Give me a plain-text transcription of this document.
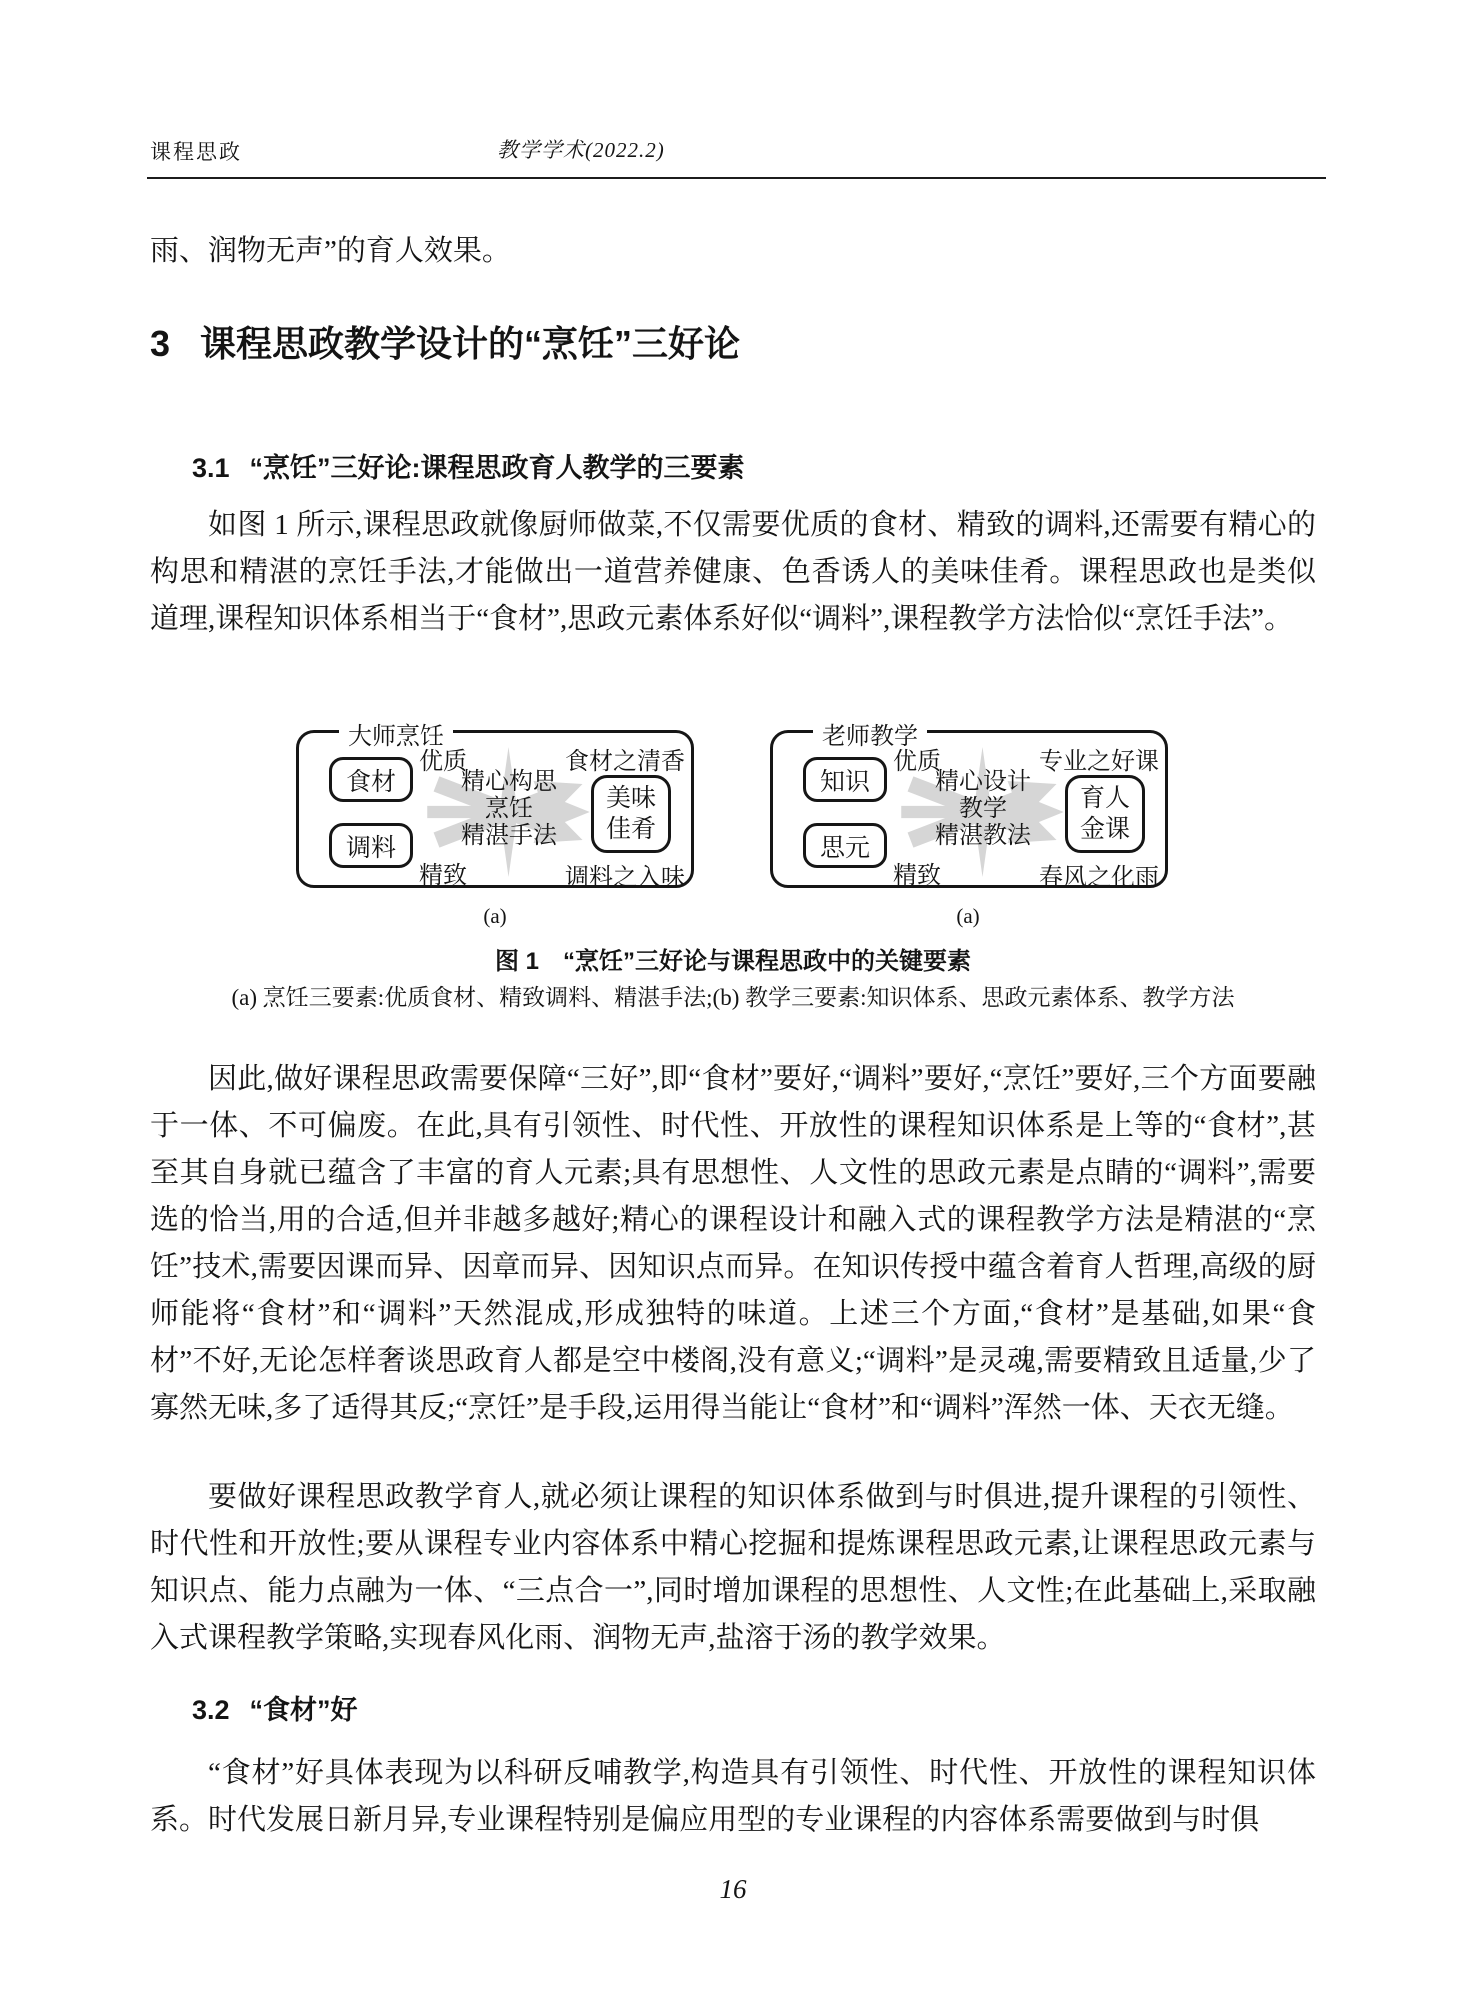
课程思政	教学学术(2022.2)

雨、润物无声”的育人效果。

3 课程思政教学设计的“烹饪”三好论
3.1 “烹饪”三好论:课程思政育人教学的三要素

如图 1 所示,课程思政就像厨师做菜,不仅需要优质的食材、精致的调料,还需要有精心的构思和精湛的烹饪手法,才能做出一道营养健康、色香诱人的美味佳肴。课程思政也是类似道理,课程知识体系相当于“食材”,思政元素体系好似“调料”,课程教学方法恰似“烹饪手法”。

大师烹饪
食材
优质
调料
精致
精心构思
烹饪
精湛手法
食材之清香
美味
佳肴
调料之入味
老师教学
知识
优质
思元
精致
精心设计
教学
精湛教法
专业之好课
育人
金课
春风之化雨
(a)	(a)
图 1　“烹饪”三好论与课程思政中的关键要素
(a) 烹饪三要素:优质食材、精致调料、精湛手法;(b) 教学三要素:知识体系、思政元素体系、教学方法

因此,做好课程思政需要保障“三好”,即“食材”要好,“调料”要好,“烹饪”要好,三个方面要融于一体、不可偏废。在此,具有引领性、时代性、开放性的课程知识体系是上等的“食材”,甚至其自身就已蕴含了丰富的育人元素;具有思想性、人文性的思政元素是点睛的“调料”,需要选的恰当,用的合适,但并非越多越好;精心的课程设计和融入式的课程教学方法是精湛的“烹饪”技术,需要因课而异、因章而异、因知识点而异。在知识传授中蕴含着育人哲理,高级的厨师能将“食材”和“调料”天然混成,形成独特的味道。上述三个方面,“食材”是基础,如果“食材”不好,无论怎样奢谈思政育人都是空中楼阁,没有意义;“调料”是灵魂,需要精致且适量,少了寡然无味,多了适得其反;“烹饪”是手段,运用得当能让“食材”和“调料”浑然一体、天衣无缝。

要做好课程思政教学育人,就必须让课程的知识体系做到与时俱进,提升课程的引领性、时代性和开放性;要从课程专业内容体系中精心挖掘和提炼课程思政元素,让课程思政元素与知识点、能力点融为一体、“三点合一”,同时增加课程的思想性、人文性;在此基础上,采取融入式课程教学策略,实现春风化雨、润物无声,盐溶于汤的教学效果。

3.2 “食材”好

“食材”好具体表现为以科研反哺教学,构造具有引领性、时代性、开放性的课程知识体系。时代发展日新月异,专业课程特别是偏应用型的专业课程的内容体系需要做到与时俱

16
